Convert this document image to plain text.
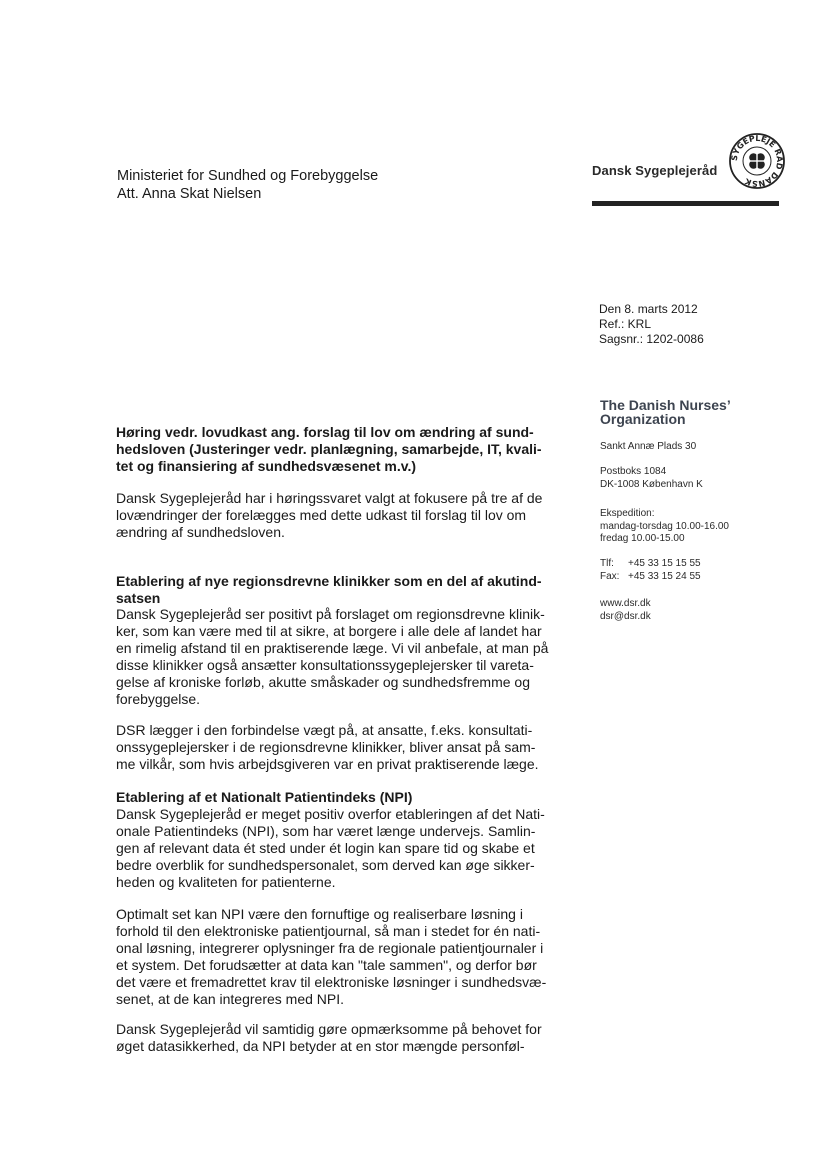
Ministeriet for Sundhed og Forebyggelse
Att. Anna Skat Nielsen
Dansk Sygeplejeråd
SYGEPLEJE RÅD DANSK
Den 8. marts 2012
Ref.: KRL
Sagsnr.: 1202-0086
The Danish Nurses’
Organization
Sankt Annæ Plads 30
Postboks 1084
DK-1008 København K
Ekspedition:
mandag-torsdag 10.00-16.00
fredag 10.00-15.00
Tlf: +45 33 15 15 55
Fax: +45 33 15 24 55
www.dsr.dk
dsr@dsr.dk
Høring vedr. lovudkast ang. forslag til lov om ændring af sund-
hedsloven (Justeringer vedr. planlægning, samarbejde, IT, kvali-
tet og finansiering af sundhedsvæsenet m.v.)
Dansk Sygeplejeråd har i høringssvaret valgt at fokusere på tre af de
lovændringer der forelægges med dette udkast til forslag til lov om
ændring af sundhedsloven.
Etablering af nye regionsdrevne klinikker som en del af akutind-
satsen
Dansk Sygeplejeråd ser positivt på forslaget om regionsdrevne klinik-
ker, som kan være med til at sikre, at borgere i alle dele af landet har
en rimelig afstand til en praktiserende læge. Vi vil anbefale, at man på
disse klinikker også ansætter konsultationssygeplejersker til vareta-
gelse af kroniske forløb, akutte småskader og sundhedsfremme og
forebyggelse.
DSR lægger i den forbindelse vægt på, at ansatte, f.eks. konsultati-
onssygeplejersker i de regionsdrevne klinikker, bliver ansat på sam-
me vilkår, som hvis arbejdsgiveren var en privat praktiserende læge.
Etablering af et Nationalt Patientindeks (NPI)
Dansk Sygeplejeråd er meget positiv overfor etableringen af det Nati-
onale Patientindeks (NPI), som har været længe undervejs. Samlin-
gen af relevant data ét sted under ét login kan spare tid og skabe et
bedre overblik for sundhedspersonalet, som derved kan øge sikker-
heden og kvaliteten for patienterne.
Optimalt set kan NPI være den fornuftige og realiserbare løsning i
forhold til den elektroniske patientjournal, så man i stedet for én nati-
onal løsning, integrerer oplysninger fra de regionale patientjournaler i
et system. Det forudsætter at data kan "tale sammen", og derfor bør
det være et fremadrettet krav til elektroniske løsninger i sundhedsvæ-
senet, at de kan integreres med NPI.
Dansk Sygeplejeråd vil samtidig gøre opmærksomme på behovet for
øget datasikkerhed, da NPI betyder at en stor mængde personføl-
